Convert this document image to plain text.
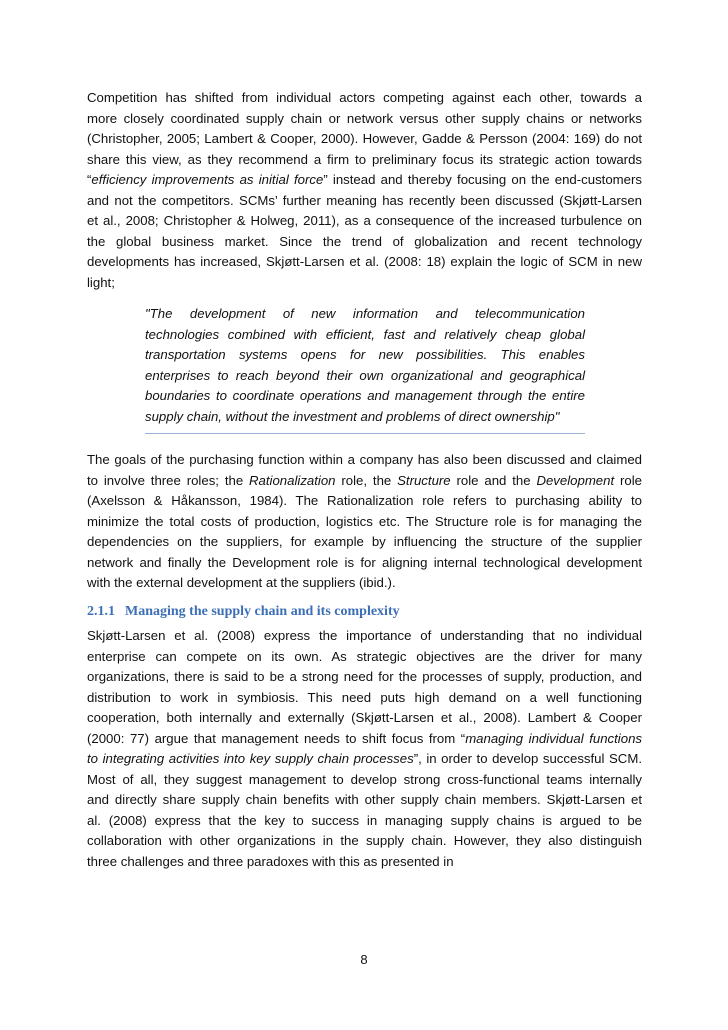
Competition has shifted from individual actors competing against each other, towards a
more closely coordinated supply chain or network versus other supply chains or networks
(Christopher, 2005; Lambert & Cooper, 2000). However, Gadde & Persson (2004: 169) do not
share this view, as they recommend a firm to preliminary focus its strategic action towards
“efficiency improvements as initial force” instead and thereby focusing on the end-customers
and not the competitors. SCMs’ further meaning has recently been discussed (Skjøtt-Larsen
et al., 2008; Christopher & Holweg, 2011), as a consequence of the increased turbulence on
the global business market. Since the trend of globalization and recent technology
developments has increased, Skjøtt-Larsen et al. (2008: 18) explain the logic of SCM in new
light;
"The development of new information and telecommunication
technologies combined with efficient, fast and relatively cheap global
transportation systems opens for new possibilities. This enables
enterprises to reach beyond their own organizational and geographical
boundaries to coordinate operations and management through the entire
supply chain, without the investment and problems of direct ownership"
The goals of the purchasing function within a company has also been discussed and claimed
to involve three roles; the Rationalization role, the Structure role and the Development role
(Axelsson & Håkansson, 1984). The Rationalization role refers to purchasing ability to
minimize the total costs of production, logistics etc. The Structure role is for managing the
dependencies on the suppliers, for example by influencing the structure of the supplier
network and finally the Development role is for aligning internal technological development
with the external development at the suppliers (ibid.).
2.1.1 Managing the supply chain and its complexity
Skjøtt-Larsen et al. (2008) express the importance of understanding that no individual
enterprise can compete on its own. As strategic objectives are the driver for many
organizations, there is said to be a strong need for the processes of supply, production, and
distribution to work in symbiosis. This need puts high demand on a well functioning
cooperation, both internally and externally (Skjøtt-Larsen et al., 2008). Lambert & Cooper
(2000: 77) argue that management needs to shift focus from “managing individual functions
to integrating activities into key supply chain processes”, in order to develop successful SCM.
Most of all, they suggest management to develop strong cross-functional teams internally
and directly share supply chain benefits with other supply chain members. Skjøtt-Larsen et
al. (2008) express that the key to success in managing supply chains is argued to be
collaboration with other organizations in the supply chain. However, they also distinguish
three challenges and three paradoxes with this as presented in
8
